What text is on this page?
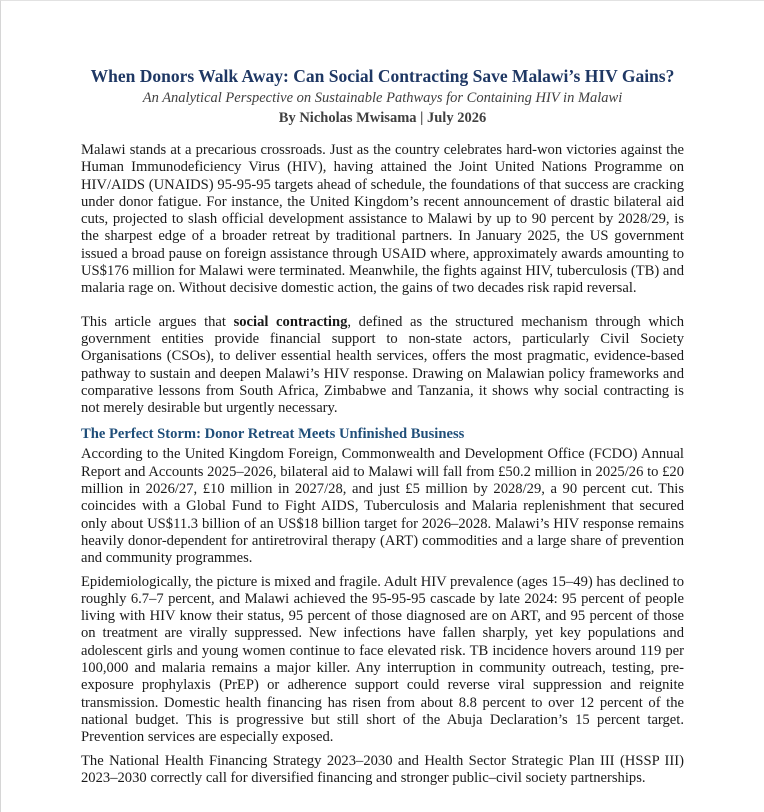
When Donors Walk Away: Can Social Contracting Save Malawi’s HIV Gains?
An Analytical Perspective on Sustainable Pathways for Containing HIV in Malawi
By Nicholas Mwisama | July 2026

Malawi stands at a precarious crossroads. Just as the country celebrates hard-won victories against the Human Immunodeficiency Virus (HIV), having attained the Joint United Nations Programme on HIV/AIDS (UNAIDS) 95-95-95 targets ahead of schedule, the foundations of that success are cracking under donor fatigue. For instance, the United Kingdom’s recent announcement of drastic bilateral aid cuts, projected to slash official development assistance to Malawi by up to 90 percent by 2028/29, is the sharpest edge of a broader retreat by traditional partners. In January 2025, the US government issued a broad pause on foreign assistance through USAID where, approximately awards amounting to US$176 million for Malawi were terminated. Meanwhile, the fights against HIV, tuberculosis (TB) and malaria rage on. Without decisive domestic action, the gains of two decades risk rapid reversal.

This article argues that social contracting, defined as the structured mechanism through which government entities provide financial support to non-state actors, particularly Civil Society Organisations (CSOs), to deliver essential health services, offers the most pragmatic, evidence-based pathway to sustain and deepen Malawi’s HIV response. Drawing on Malawian policy frameworks and comparative lessons from South Africa, Zimbabwe and Tanzania, it shows why social contracting is not merely desirable but urgently necessary.

The Perfect Storm: Donor Retreat Meets Unfinished Business

According to the United Kingdom Foreign, Commonwealth and Development Office (FCDO) Annual Report and Accounts 2025–2026, bilateral aid to Malawi will fall from £50.2 million in 2025/26 to £20 million in 2026/27, £10 million in 2027/28, and just £5 million by 2028/29, a 90 percent cut. This coincides with a Global Fund to Fight AIDS, Tuberculosis and Malaria replenishment that secured only about US$11.3 billion of an US$18 billion target for 2026–2028. Malawi’s HIV response remains heavily donor-dependent for antiretroviral therapy (ART) commodities and a large share of prevention and community programmes.

Epidemiologically, the picture is mixed and fragile. Adult HIV prevalence (ages 15–49) has declined to roughly 6.7–7 percent, and Malawi achieved the 95-95-95 cascade by late 2024: 95 percent of people living with HIV know their status, 95 percent of those diagnosed are on ART, and 95 percent of those on treatment are virally suppressed. New infections have fallen sharply, yet key populations and adolescent girls and young women continue to face elevated risk. TB incidence hovers around 119 per 100,000 and malaria remains a major killer. Any interruption in community outreach, testing, pre-exposure prophylaxis (PrEP) or adherence support could reverse viral suppression and reignite transmission. Domestic health financing has risen from about 8.8 percent to over 12 percent of the national budget. This is progressive but still short of the Abuja Declaration’s 15 percent target. Prevention services are especially exposed.

The National Health Financing Strategy 2023–2030 and Health Sector Strategic Plan III (HSSP III) 2023–2030 correctly call for diversified financing and stronger public–civil society partnerships.
